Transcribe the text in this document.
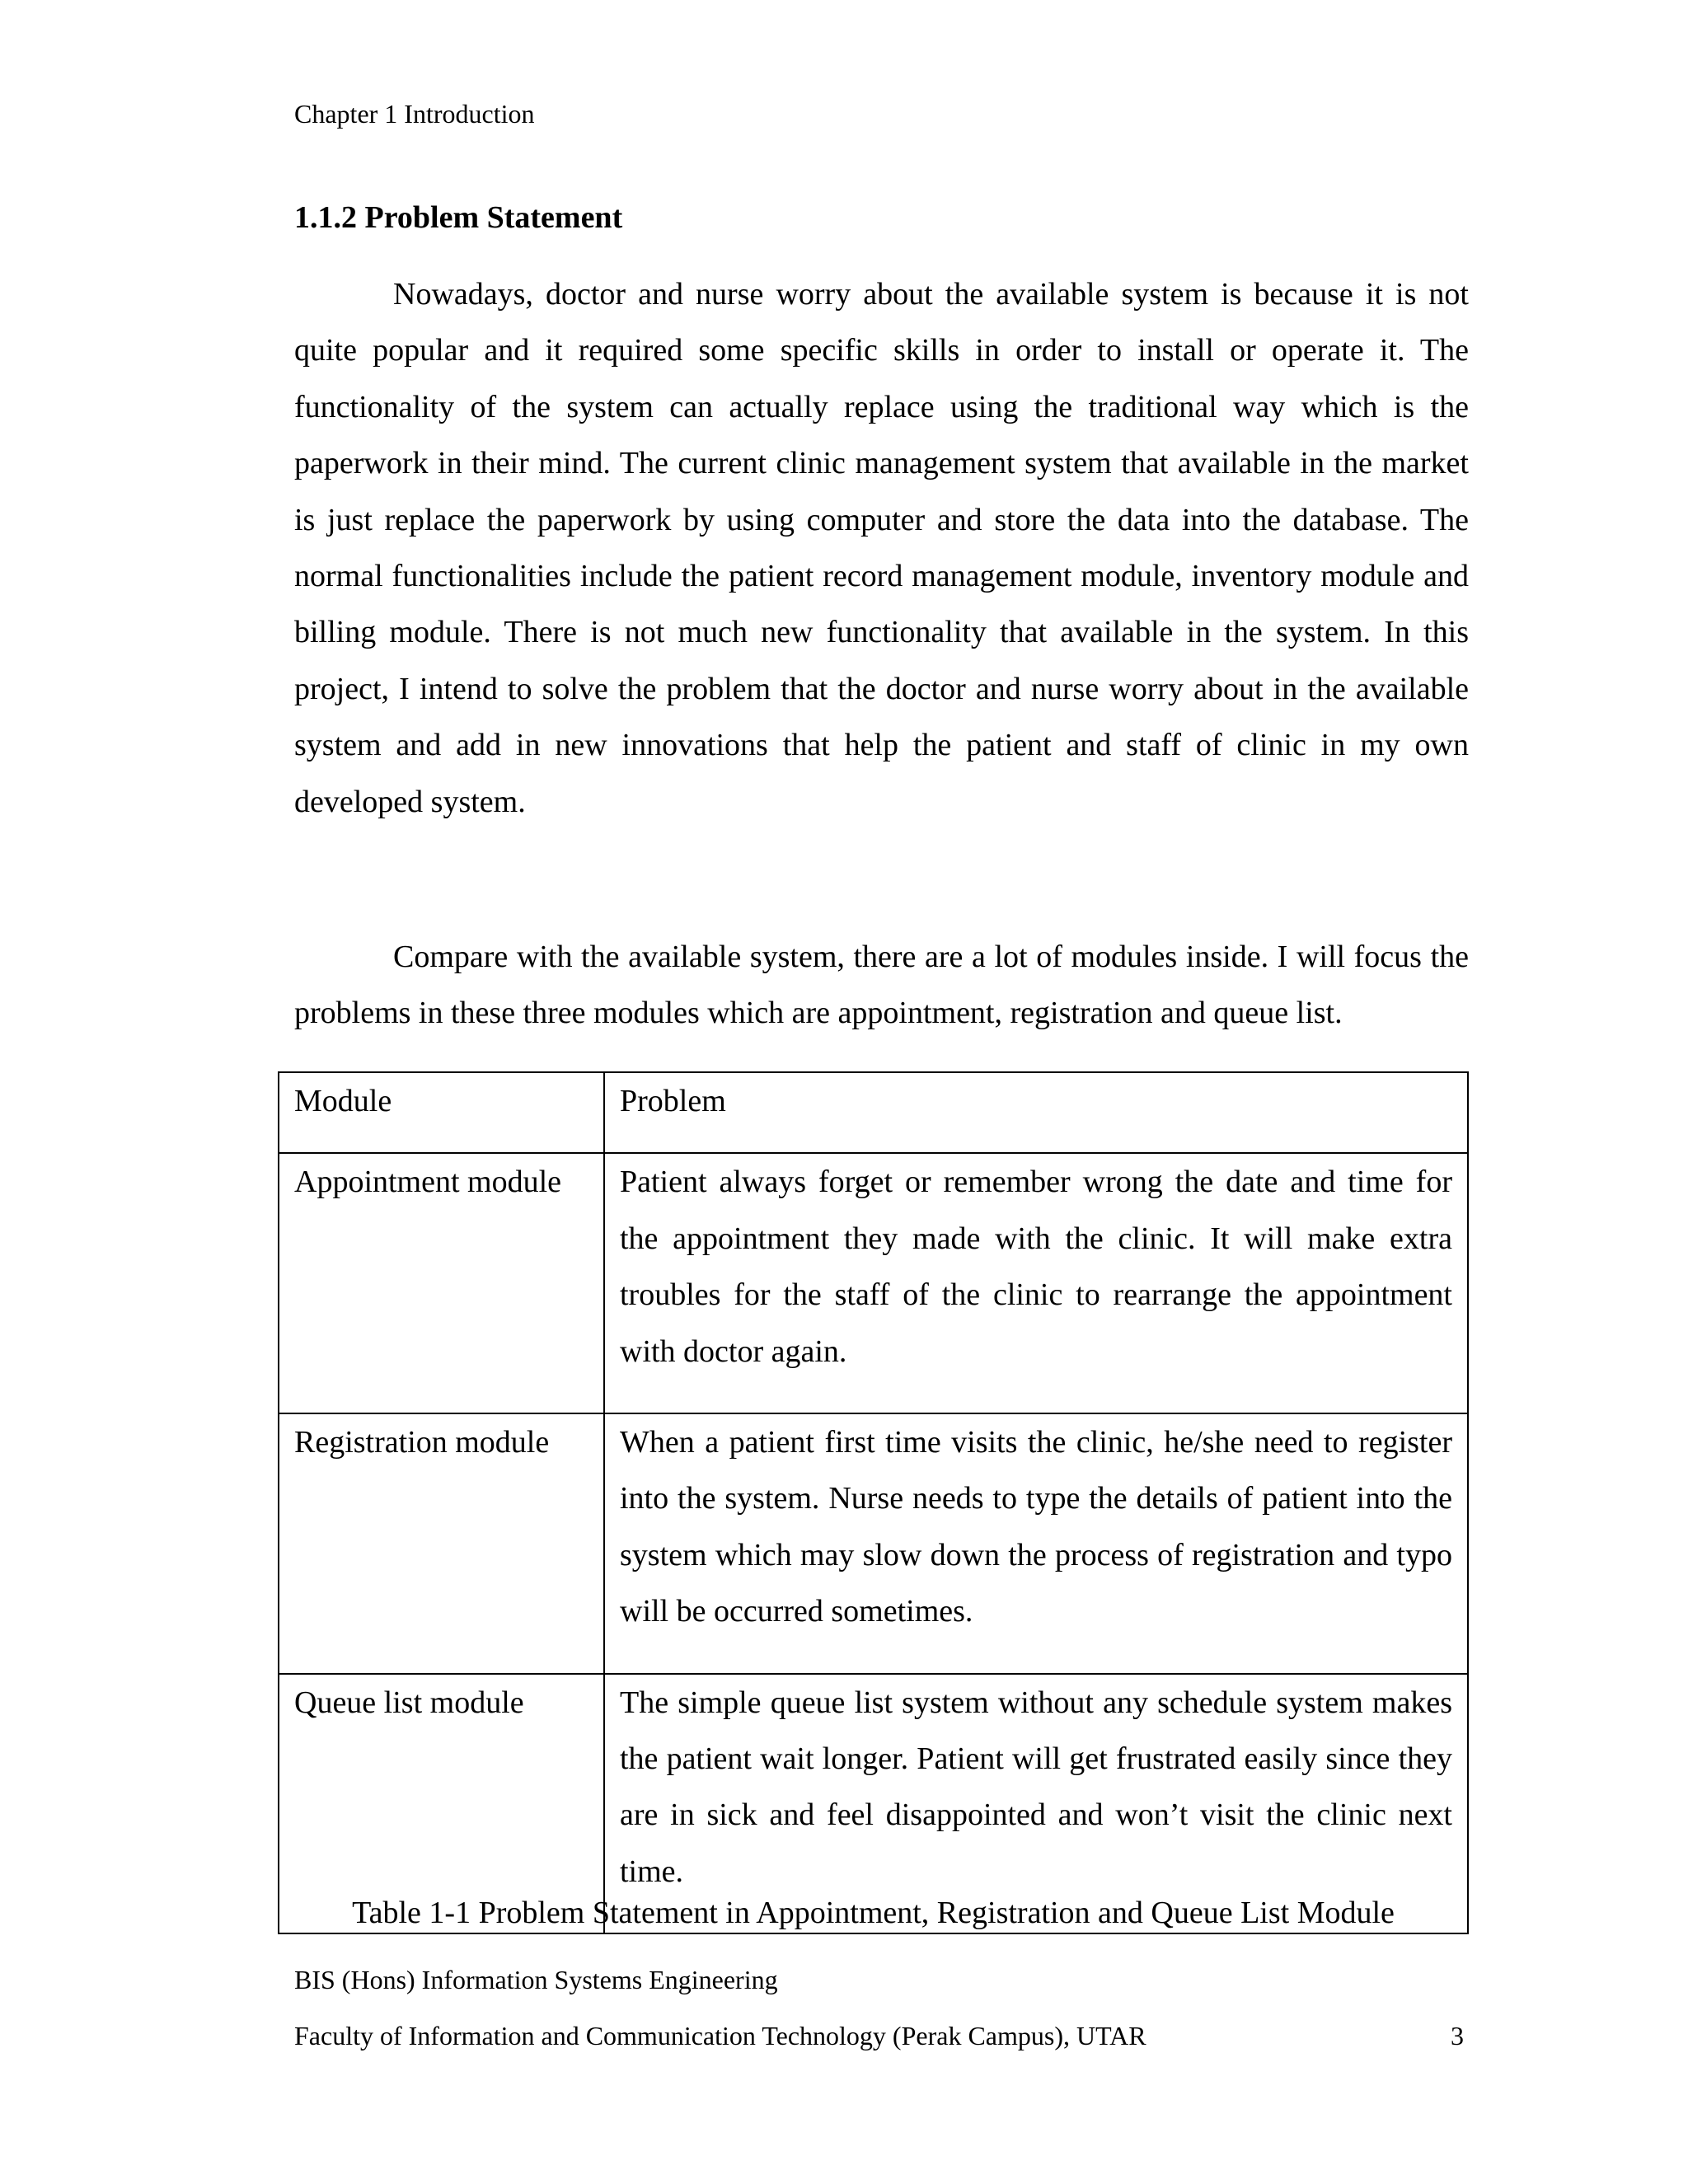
Chapter 1 Introduction
1.1.2 Problem Statement

Nowadays, doctor and nurse worry about the available system is because it is not quite popular and it required some specific skills in order to install or operate it. The functionality of the system can actually replace using the traditional way which is the paperwork in their mind. The current clinic management system that available in the market is just replace the paperwork by using computer and store the data into the database. The normal functionalities include the patient record management module, inventory module and billing module. There is not much new functionality that available in the system. In this project, I intend to solve the problem that the doctor and nurse worry about in the available system and add in new innovations that help the patient and staff of clinic in my own developed system.

Compare with the available system, there are a lot of modules inside. I will focus the problems in these three modules which are appointment, registration and queue list.

Module	Problem
Appointment module	Patient always forget or remember wrong the date and time for the appointment they made with the clinic. It will make extra troubles for the staff of the clinic to rearrange the appointment with doctor again.
Registration module	When a patient first time visits the clinic, he/she need to register into the system. Nurse needs to type the details of patient into the system which may slow down the process of registration and typo will be occurred sometimes.
Queue list module	The simple queue list system without any schedule system makes the patient wait longer. Patient will get frustrated easily since they are in sick and feel disappointed and won’t visit the clinic next time.
Table 1-1 Problem Statement in Appointment, Registration and Queue List Module
BIS (Hons) Information Systems Engineering
Faculty of Information and Communication Technology (Perak Campus), UTAR	3
